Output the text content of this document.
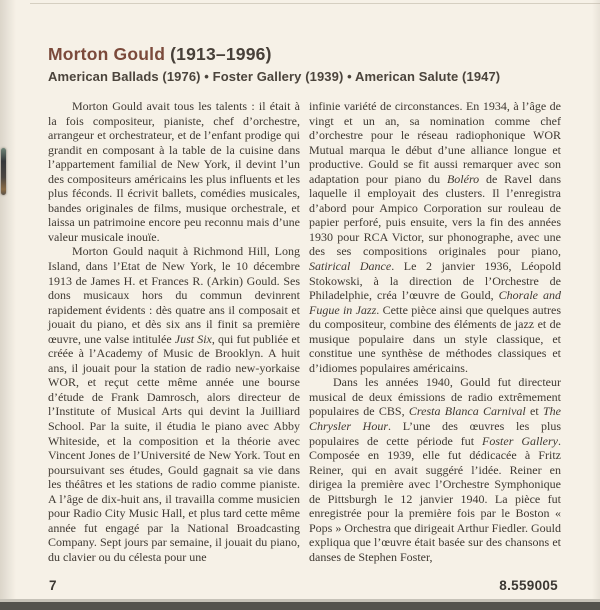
Morton Gould (1913–1996)
American Ballads (1976) • Foster Gallery (1939) • American Salute (1947)

Morton Gould avait tous les talents : il était à la fois compositeur, pianiste, chef d’orchestre, arrangeur et orchestrateur, et de l’enfant prodige qui grandit en composant à la table de la cuisine dans l’appartement familial de New York, il devint l’un des compositeurs américains les plus influents et les plus féconds. Il écrivit ballets, comédies musicales, bandes originales de films, musique orchestrale, et laissa un patrimoine encore peu reconnu mais d’une valeur musicale inouïe.

Morton Gould naquit à Richmond Hill, Long Island, dans l’Etat de New York, le 10 décembre 1913 de James H. et Frances R. (Arkin) Gould. Ses dons musicaux hors du commun devinrent rapidement évidents : dès quatre ans il composait et jouait du piano, et dès six ans il finit sa première œuvre, une valse intitulée Just Six, qui fut publiée et créée à l’Academy of Music de Brooklyn. A huit ans, il jouait pour la station de radio new-yorkaise WOR, et reçut cette même année une bourse d’étude de Frank Damrosch, alors directeur de l’Institute of Musical Arts qui devint la Juilliard School. Par la suite, il étudia le piano avec Abby Whiteside, et la composition et la théorie avec Vincent Jones de l’Université de New York. Tout en poursuivant ses études, Gould gagnait sa vie dans les théâtres et les stations de radio comme pianiste. A l’âge de dix-huit ans, il travailla comme musicien pour Radio City Music Hall, et plus tard cette même année fut engagé par la National Broadcasting Company. Sept jours par semaine, il jouait du piano, du clavier ou du célesta pour une

infinie variété de circonstances. En 1934, à l’âge de vingt et un an, sa nomination comme chef d’orchestre pour le réseau radiophonique WOR Mutual marqua le début d’une alliance longue et productive. Gould se fit aussi remarquer avec son adaptation pour piano du Boléro de Ravel dans laquelle il employait des clusters. Il l’enregistra d’abord pour Ampico Corporation sur rouleau de papier perforé, puis ensuite, vers la fin des années 1930 pour RCA Victor, sur phonographe, avec une des ses compositions originales pour piano, Satirical Dance. Le 2 janvier 1936, Léopold Stokowski, à la direction de l’Orchestre de Philadelphie, créa l’œuvre de Gould, Chorale and Fugue in Jazz. Cette pièce ainsi que quelques autres du compositeur, combine des éléments de jazz et de musique populaire dans un style classique, et constitue une synthèse de méthodes classiques et d’idiomes populaires américains.

Dans les années 1940, Gould fut directeur musical de deux émissions de radio extrêmement populaires de CBS, Cresta Blanca Carnival et The Chrysler Hour. L’une des œuvres les plus populaires de cette période fut Foster Gallery. Composée en 1939, elle fut dédicacée à Fritz Reiner, qui en avait suggéré l’idée. Reiner en dirigea la première avec l’Orchestre Symphonique de Pittsburgh le 12 janvier 1940. La pièce fut enregistrée pour la première fois par le Boston « Pops » Orchestra que dirigeait Arthur Fiedler. Gould expliqua que l’œuvre était basée sur des chansons et danses de Stephen Foster,

7	8.559005
